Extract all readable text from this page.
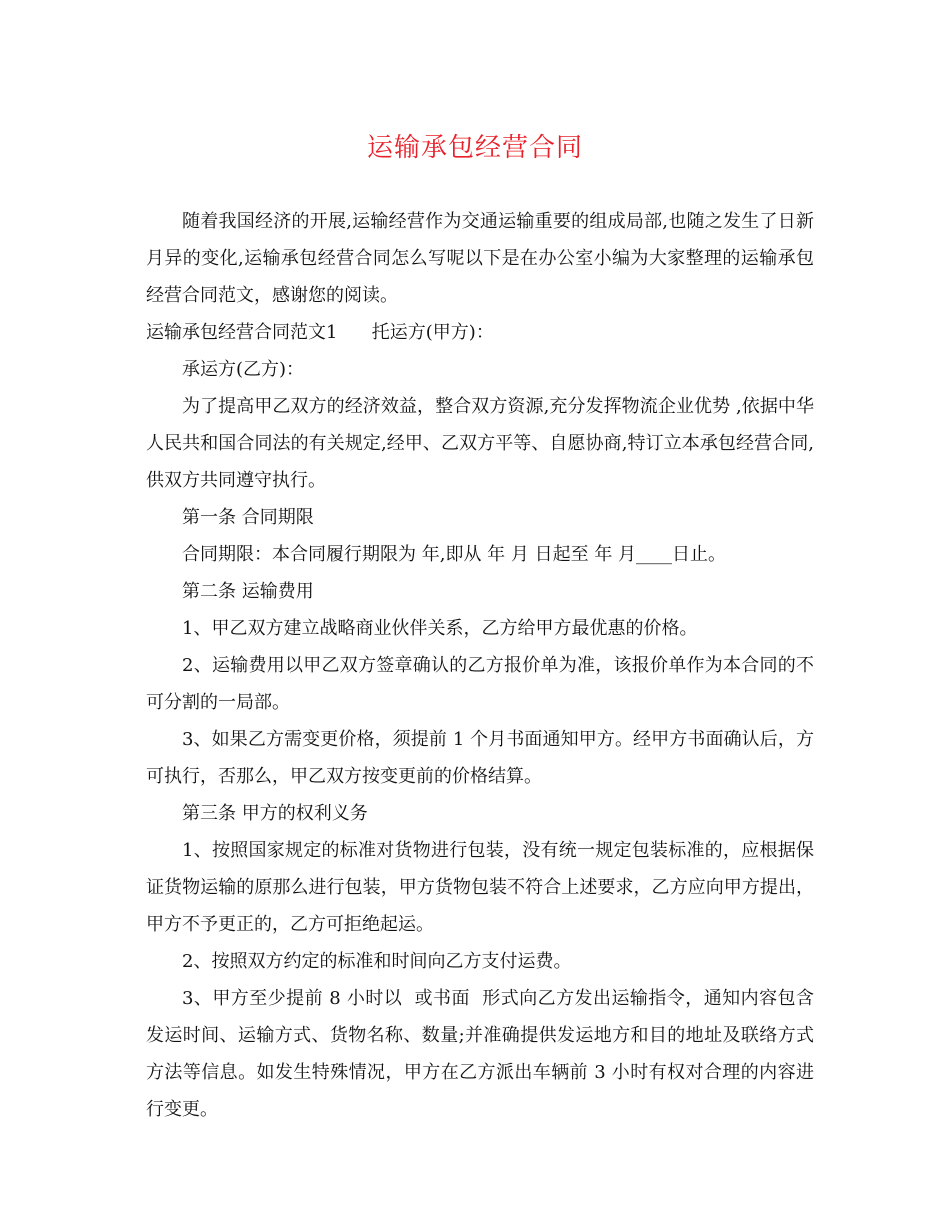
运输承包经营合同

随着我国经济的开展,运输经营作为交通运输重要的组成局部,也随之发生了日新月异的变化,运输承包经营合同怎么写呢以下是在办公室小编为大家整理的运输承包经营合同范文，感谢您的阅读。

运输承包经营合同范文1      托运方(甲方)：

承运方(乙方)：

为了提高甲乙双方的经济效益，整合双方资源,充分发挥物流企业优势 ,依据中华人民共和国合同法的有关规定,经甲、乙双方平等、自愿协商,特订立本承包经营合同,供双方共同遵守执行。

第一条 合同期限

合同期限：本合同履行期限为 年,即从 年 月 日起至 年 月____日止。

第二条 运输费用

1、甲乙双方建立战略商业伙伴关系，乙方给甲方最优惠的价格。

2、运输费用以甲乙双方签章确认的乙方报价单为准，该报价单作为本合同的不可分割的一局部。

3、如果乙方需变更价格，须提前 1 个月书面通知甲方。经甲方书面确认后，方可执行，否那么，甲乙双方按变更前的价格结算。

第三条 甲方的权利义务

1、按照国家规定的标准对货物进行包装，没有统一规定包装标准的，应根据保证货物运输的原那么进行包装，甲方货物包装不符合上述要求，乙方应向甲方提出，甲方不予更正的，乙方可拒绝起运。

2、按照双方约定的标准和时间向乙方支付运费。

3、甲方至少提前 8 小时以  或书面  形式向乙方发出运输指令，通知内容包含发运时间、运输方式、货物名称、数量;并准确提供发运地方和目的地址及联络方式方法等信息。如发生特殊情况，甲方在乙方派出车辆前 3 小时有权对合理的内容进行变更。
